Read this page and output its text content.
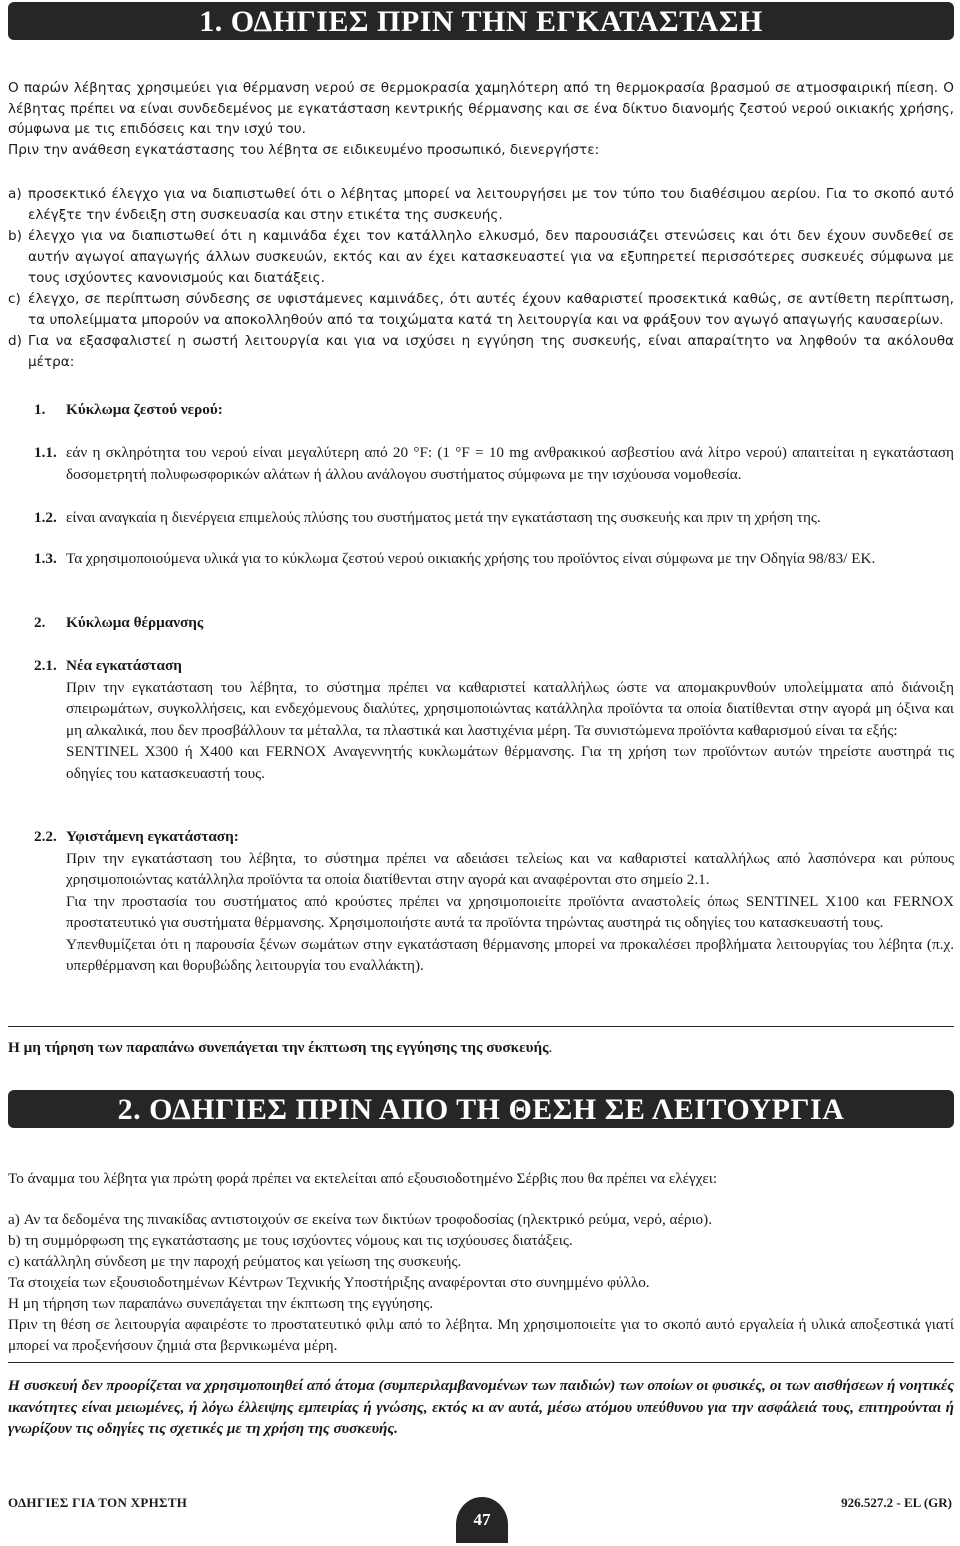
1. ΟΔΗΓΙΕΣ ΠΡΙΝ ΤΗΝ ΕΓΚΑΤΑΣΤΑΣΗ

Ο παρών λέβητας χρησιμεύει για θέρμανση νερού σε θερμοκρασία χαμηλότερη από τη θερμοκρασία βρασμού σε ατμοσφαιρική πίεση. Ο λέβητας πρέπει να είναι συνδεδεμένος με εγκατάσταση κεντρικής θέρμανσης και σε ένα δίκτυο διανομής ζεστού νερού οικιακής χρήσης, σύμφωνα με τις επιδόσεις και την ισχύ του.

Πριν την ανάθεση εγκατάστασης του λέβητα σε ειδικευμένο προσωπικό, διενεργήστε:

a) προσεκτικό έλεγχο για να διαπιστωθεί ότι ο λέβητας μπορεί να λειτουργήσει με τον τύπο του διαθέσιμου αερίου. Για το σκοπό αυτό ελέγξτε την ένδειξη στη συσκευασία και στην ετικέτα της συσκευής.

b) έλεγχο για να διαπιστωθεί ότι η καμινάδα έχει τον κατάλληλο ελκυσμό, δεν παρουσιάζει στενώσεις και ότι δεν έχουν συνδεθεί σε αυτήν αγωγοί απαγωγής άλλων συσκευών, εκτός και αν έχει κατασκευαστεί για να εξυπηρετεί περισσότερες συσκευές σύμφωνα με τους ισχύοντες κανονισμούς και διατάξεις.

c) έλεγχο, σε περίπτωση σύνδεσης σε υφιστάμενες καμινάδες, ότι αυτές έχουν καθαριστεί προσεκτικά καθώς, σε αντίθετη περίπτωση, τα υπολείμματα μπορούν να αποκολληθούν από τα τοιχώματα κατά τη λειτουργία και να φράξουν τον αγωγό απαγωγής καυσαερίων.

d) Για να εξασφαλιστεί η σωστή λειτουργία και για να ισχύσει η εγγύηση της συσκευής, είναι απαραίτητο να ληφθούν τα ακόλουθα μέτρα:

1.	Κύκλωμα ζεστού νερού:
1.1. εάν η σκληρότητα του νερού είναι μεγαλύτερη από 20 °F: (1 °F = 10 mg ανθρακικού ασβεστίου ανά λίτρο νερού) απαιτείται η εγκατάσταση δοσομετρητή πολυφωσφορικών αλάτων ή άλλου ανάλογου συστήματος σύμφωνα με την ισχύουσα νομοθεσία.
1.2. είναι αναγκαία η διενέργεια επιμελούς πλύσης του συστήματος μετά την εγκατάσταση της συσκευής και πριν τη χρήση της.
1.3. Τα χρησιμοποιούμενα υλικά για το κύκλωμα ζεστού νερού οικιακής χρήσης του προϊόντος είναι σύμφωνα με την Οδηγία 98/83/ ΕΚ.
2.	Κύκλωμα θέρμανσης
2.1. Νέα εγκατάσταση

Πριν την εγκατάσταση του λέβητα, το σύστημα πρέπει να καθαριστεί καταλλήλως ώστε να απομακρυνθούν υπολείμματα από διάνοιξη σπειρωμάτων, συγκολλήσεις, και ενδεχόμενους διαλύτες, χρησιμοποιώντας κατάλληλα προϊόντα τα οποία διατίθενται στην αγορά μη όξινα και μη αλκαλικά, που δεν προσβάλλουν τα μέταλλα, τα πλαστικά και λαστιχένια μέρη. Τα συνιστώμενα προϊόντα καθαρισμού είναι τα εξής:

SENTINEL X300 ή X400 και FERNOX Αναγεννητής κυκλωμάτων θέρμανσης. Για τη χρήση των προϊόντων αυτών τηρείστε αυστηρά τις οδηγίες του κατασκευαστή τους.

2.2. Υφιστάμενη εγκατάσταση:

Πριν την εγκατάσταση του λέβητα, το σύστημα πρέπει να αδειάσει τελείως και να καθαριστεί καταλλήλως από λασπόνερα και ρύπους χρησιμοποιώντας κατάλληλα προϊόντα τα οποία διατίθενται στην αγορά και αναφέρονται στο σημείο 2.1.

Για την προστασία του συστήματος από κρούστες πρέπει να χρησιμοποιείτε προϊόντα αναστολείς όπως SENTINEL X100 και FERNOX προστατευτικό για συστήματα θέρμανσης. Χρησιμοποιήστε αυτά τα προϊόντα τηρώντας αυστηρά τις οδηγίες του κατασκευαστή τους.

Υπενθυμίζεται ότι η παρουσία ξένων σωμάτων στην εγκατάσταση θέρμανσης μπορεί να προκαλέσει προβλήματα λειτουργίας του λέβητα (π.χ. υπερθέρμανση και θορυβώδης λειτουργία του εναλλάκτη).

Η μη τήρηση των παραπάνω συνεπάγεται την έκπτωση της εγγύησης της συσκευής.
2. ΟΔΗΓΙΕΣ ΠΡΙΝ ΑΠΟ ΤΗ ΘΕΣΗ ΣΕ ΛΕΙΤΟΥΡΓΙΑ
Το άναμμα του λέβητα για πρώτη φορά πρέπει να εκτελείται από εξουσιοδοτημένο Σέρβις που θα πρέπει να ελέγχει:

a) Αν τα δεδομένα της πινακίδας αντιστοιχούν σε εκείνα των δικτύων τροφοδοσίας (ηλεκτρικό ρεύμα, νερό, αέριο).

b) τη συμμόρφωση της εγκατάστασης με τους ισχύοντες νόμους και τις ισχύουσες διατάξεις.

c) κατάλληλη σύνδεση με την παροχή ρεύματος και γείωση της συσκευής.

Τα στοιχεία των εξουσιοδοτημένων Κέντρων Τεχνικής Υποστήριξης αναφέρονται στο συνημμένο φύλλο.

Η μη τήρηση των παραπάνω συνεπάγεται την έκπτωση της εγγύησης.

Πριν τη θέση σε λειτουργία αφαιρέστε το προστατευτικό φιλμ από το λέβητα. Μη χρησιμοποιείτε για το σκοπό αυτό εργαλεία ή υλικά αποξεστικά γιατί μπορεί να προξενήσουν ζημιά στα βερνικωμένα μέρη.

Η συσκευή δεν προορίζεται να χρησιμοποιηθεί από άτομα (συμπεριλαμβανομένων των παιδιών) των οποίων οι φυσικές, οι των αισθήσεων ή νοητικές ικανότητες είναι μειωμένες, ή λόγω έλλειψης εμπειρίας ή γνώσης, εκτός κι αν αυτά, μέσω ατόμου υπεύθυνου για την ασφάλειά τους, επιτηρούνται ή γνωρίζουν τις οδηγίες τις σχετικές με τη χρήση της συσκευής.
ΟΔΗΓΙΕΣ ΓΙΑ ΤΟΝ ΧΡΗΣΤΗ
47
926.527.2 - EL (GR)
